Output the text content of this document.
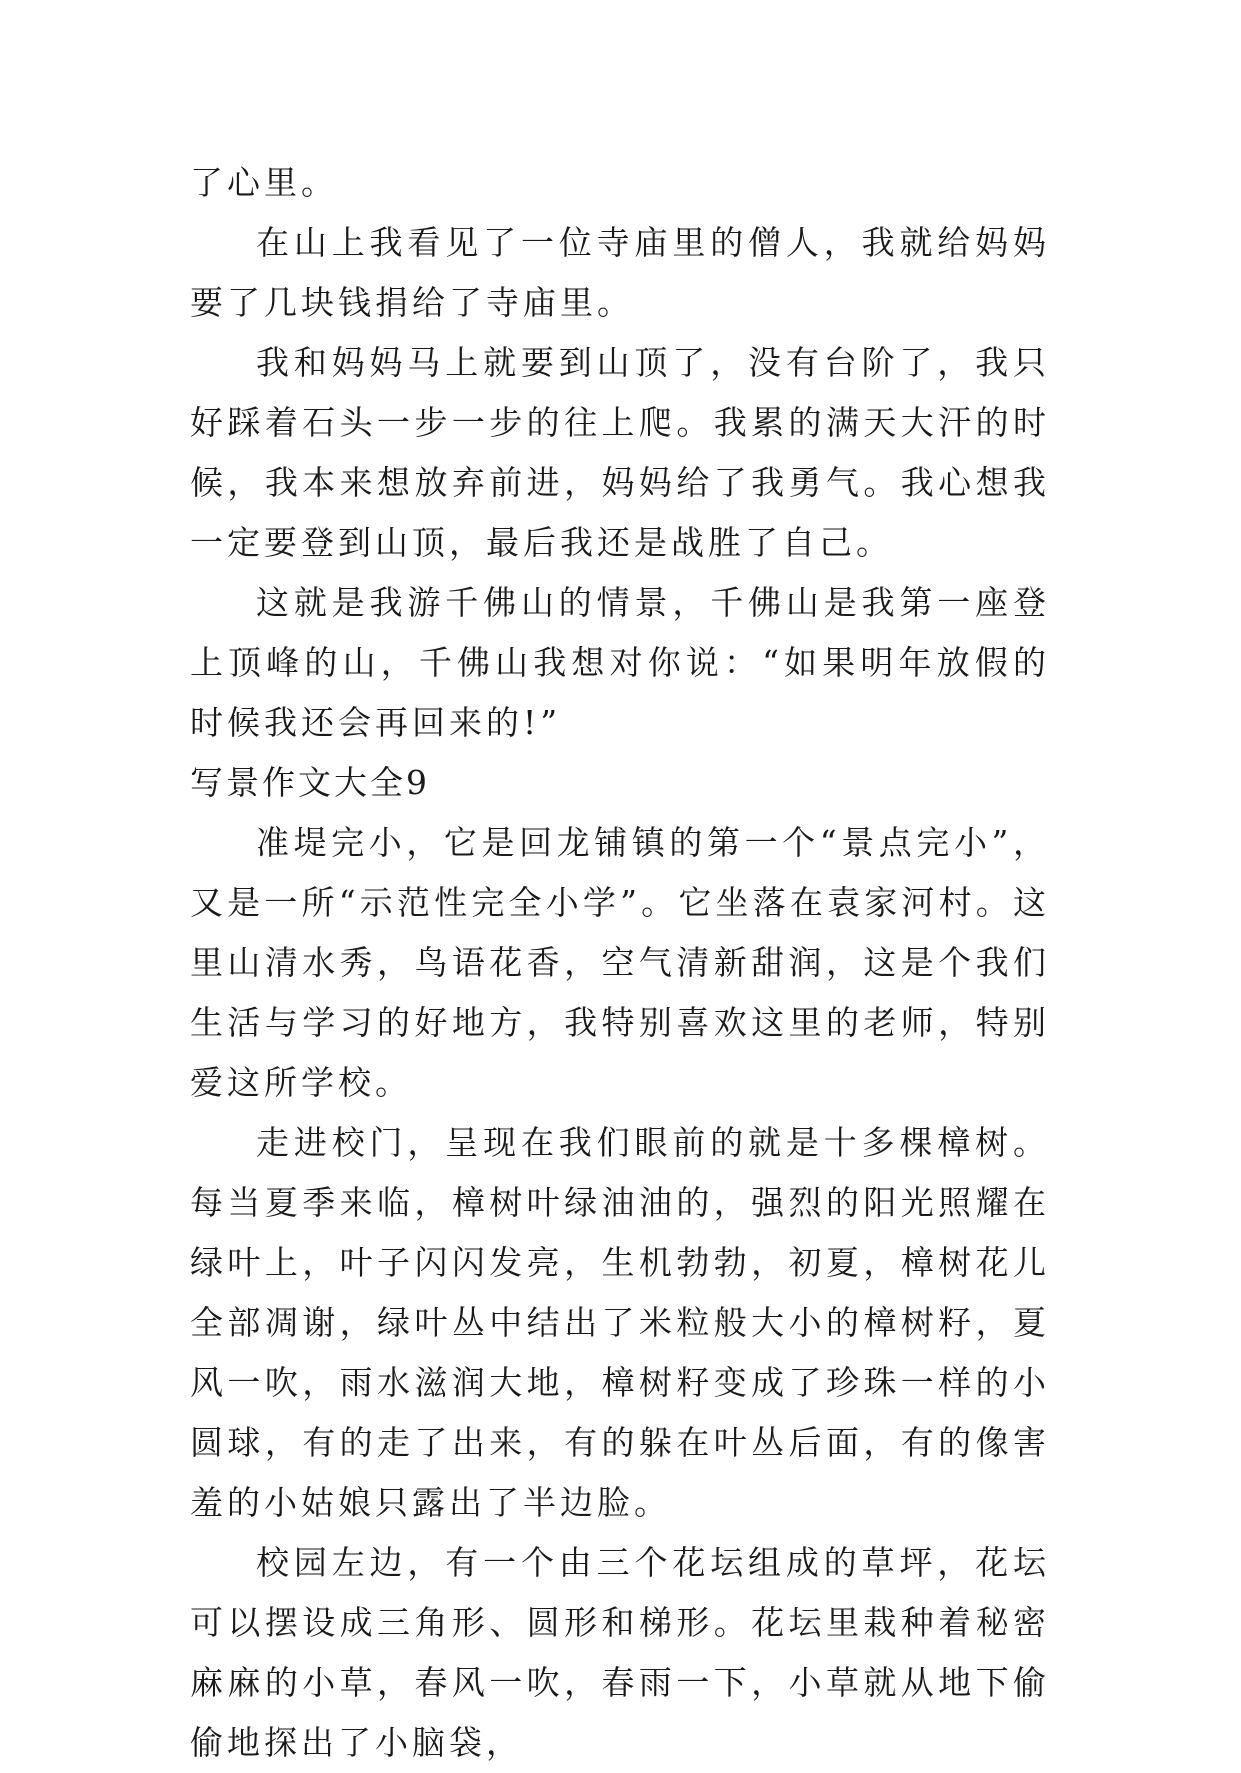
了心里。

在山上我看见了一位寺庙里的僧人，我就给妈妈要了几块钱捐给了寺庙里。

我和妈妈马上就要到山顶了，没有台阶了，我只好踩着石头一步一步的往上爬。我累的满天大汗的时候，我本来想放弃前进，妈妈给了我勇气。我心想我一定要登到山顶，最后我还是战胜了自己。

这就是我游千佛山的情景，千佛山是我第一座登上顶峰的山，千佛山我想对你说：“如果明年放假的时候我还会再回来的!”

写景作文大全9

准堤完小，它是回龙铺镇的第一个“景点完小”，又是一所“示范性完全小学”。它坐落在袁家河村。这里山清水秀，鸟语花香，空气清新甜润，这是个我们生活与学习的好地方，我特别喜欢这里的老师，特别爱这所学校。

走进校门，呈现在我们眼前的就是十多棵樟树。每当夏季来临，樟树叶绿油油的，强烈的阳光照耀在绿叶上，叶子闪闪发亮，生机勃勃，初夏，樟树花儿全部凋谢，绿叶丛中结出了米粒般大小的樟树籽，夏风一吹，雨水滋润大地，樟树籽变成了珍珠一样的小圆球，有的走了出来，有的躲在叶丛后面，有的像害羞的小姑娘只露出了半边脸。

校园左边，有一个由三个花坛组成的草坪，花坛可以摆设成三角形、圆形和梯形。花坛里栽种着秘密麻麻的小草，春风一吹，春雨一下，小草就从地下偷偷地探出了小脑袋，
